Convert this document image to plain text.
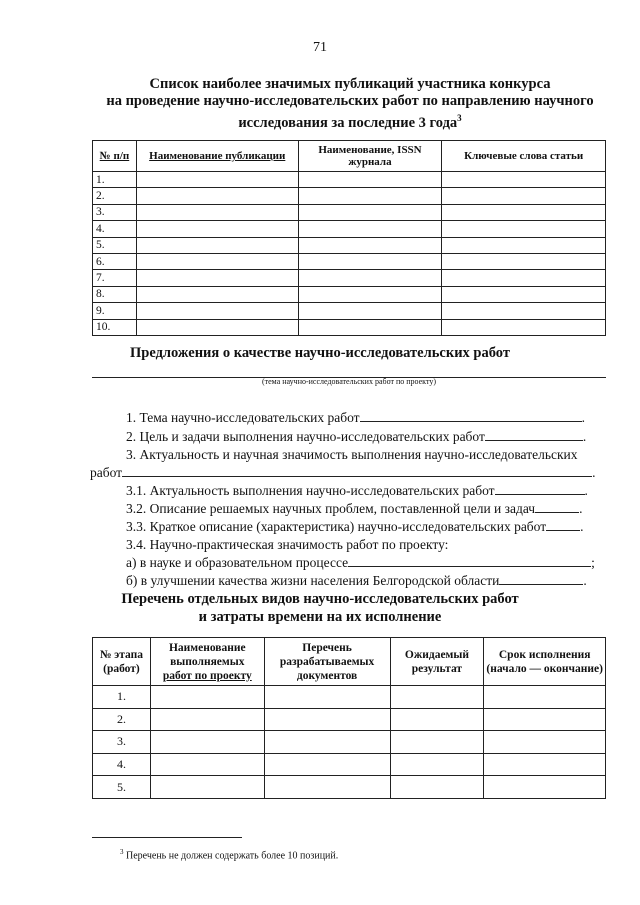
71
Список наиболее значимых публикаций участника конкурса
на проведение научно-исследовательских работ по направлению научного
исследования за последние 3 года$^3$
№ п/п	Наименование публикации	Наименование, ISSN журнала	Ключевые слова статьи
1.			
2.			
3.			
4.			
5.			
6.			
7.			
8.			
9.			
10.			
Предложения о качестве научно-исследовательских работ
(тема научно-исследовательских работ по проекту)
1. Тема научно-исследовательских работ	.
2. Цель и задачи выполнения научно-исследовательских работ	.
3. Актуальность и научная значимость выполнения научно-исследовательских
работ	.
3.1. Актуальность выполнения научно-исследовательских работ	.
3.2. Описание решаемых научных проблем, поставленной цели и задач	.
3.3. Краткое описание (характеристика) научно-исследовательских работ	.
3.4. Научно-практическая значимость работ по проекту:
а) в науке и образовательном процессе	;
б) в улучшении качества жизни населения Белгородской области	.
Перечень отдельных видов научно-исследовательских работ
и затраты времени на их исполнение
№ этапа (работ)	Наименование
выполняемых
работ по проекту	Перечень разрабатываемых документов	Ожидаемый результат	Срок исполнения (начало — окончание)
1.				
2.				
3.				
4.				
5.				
$^3$ Перечень не должен содержать более 10 позиций.
